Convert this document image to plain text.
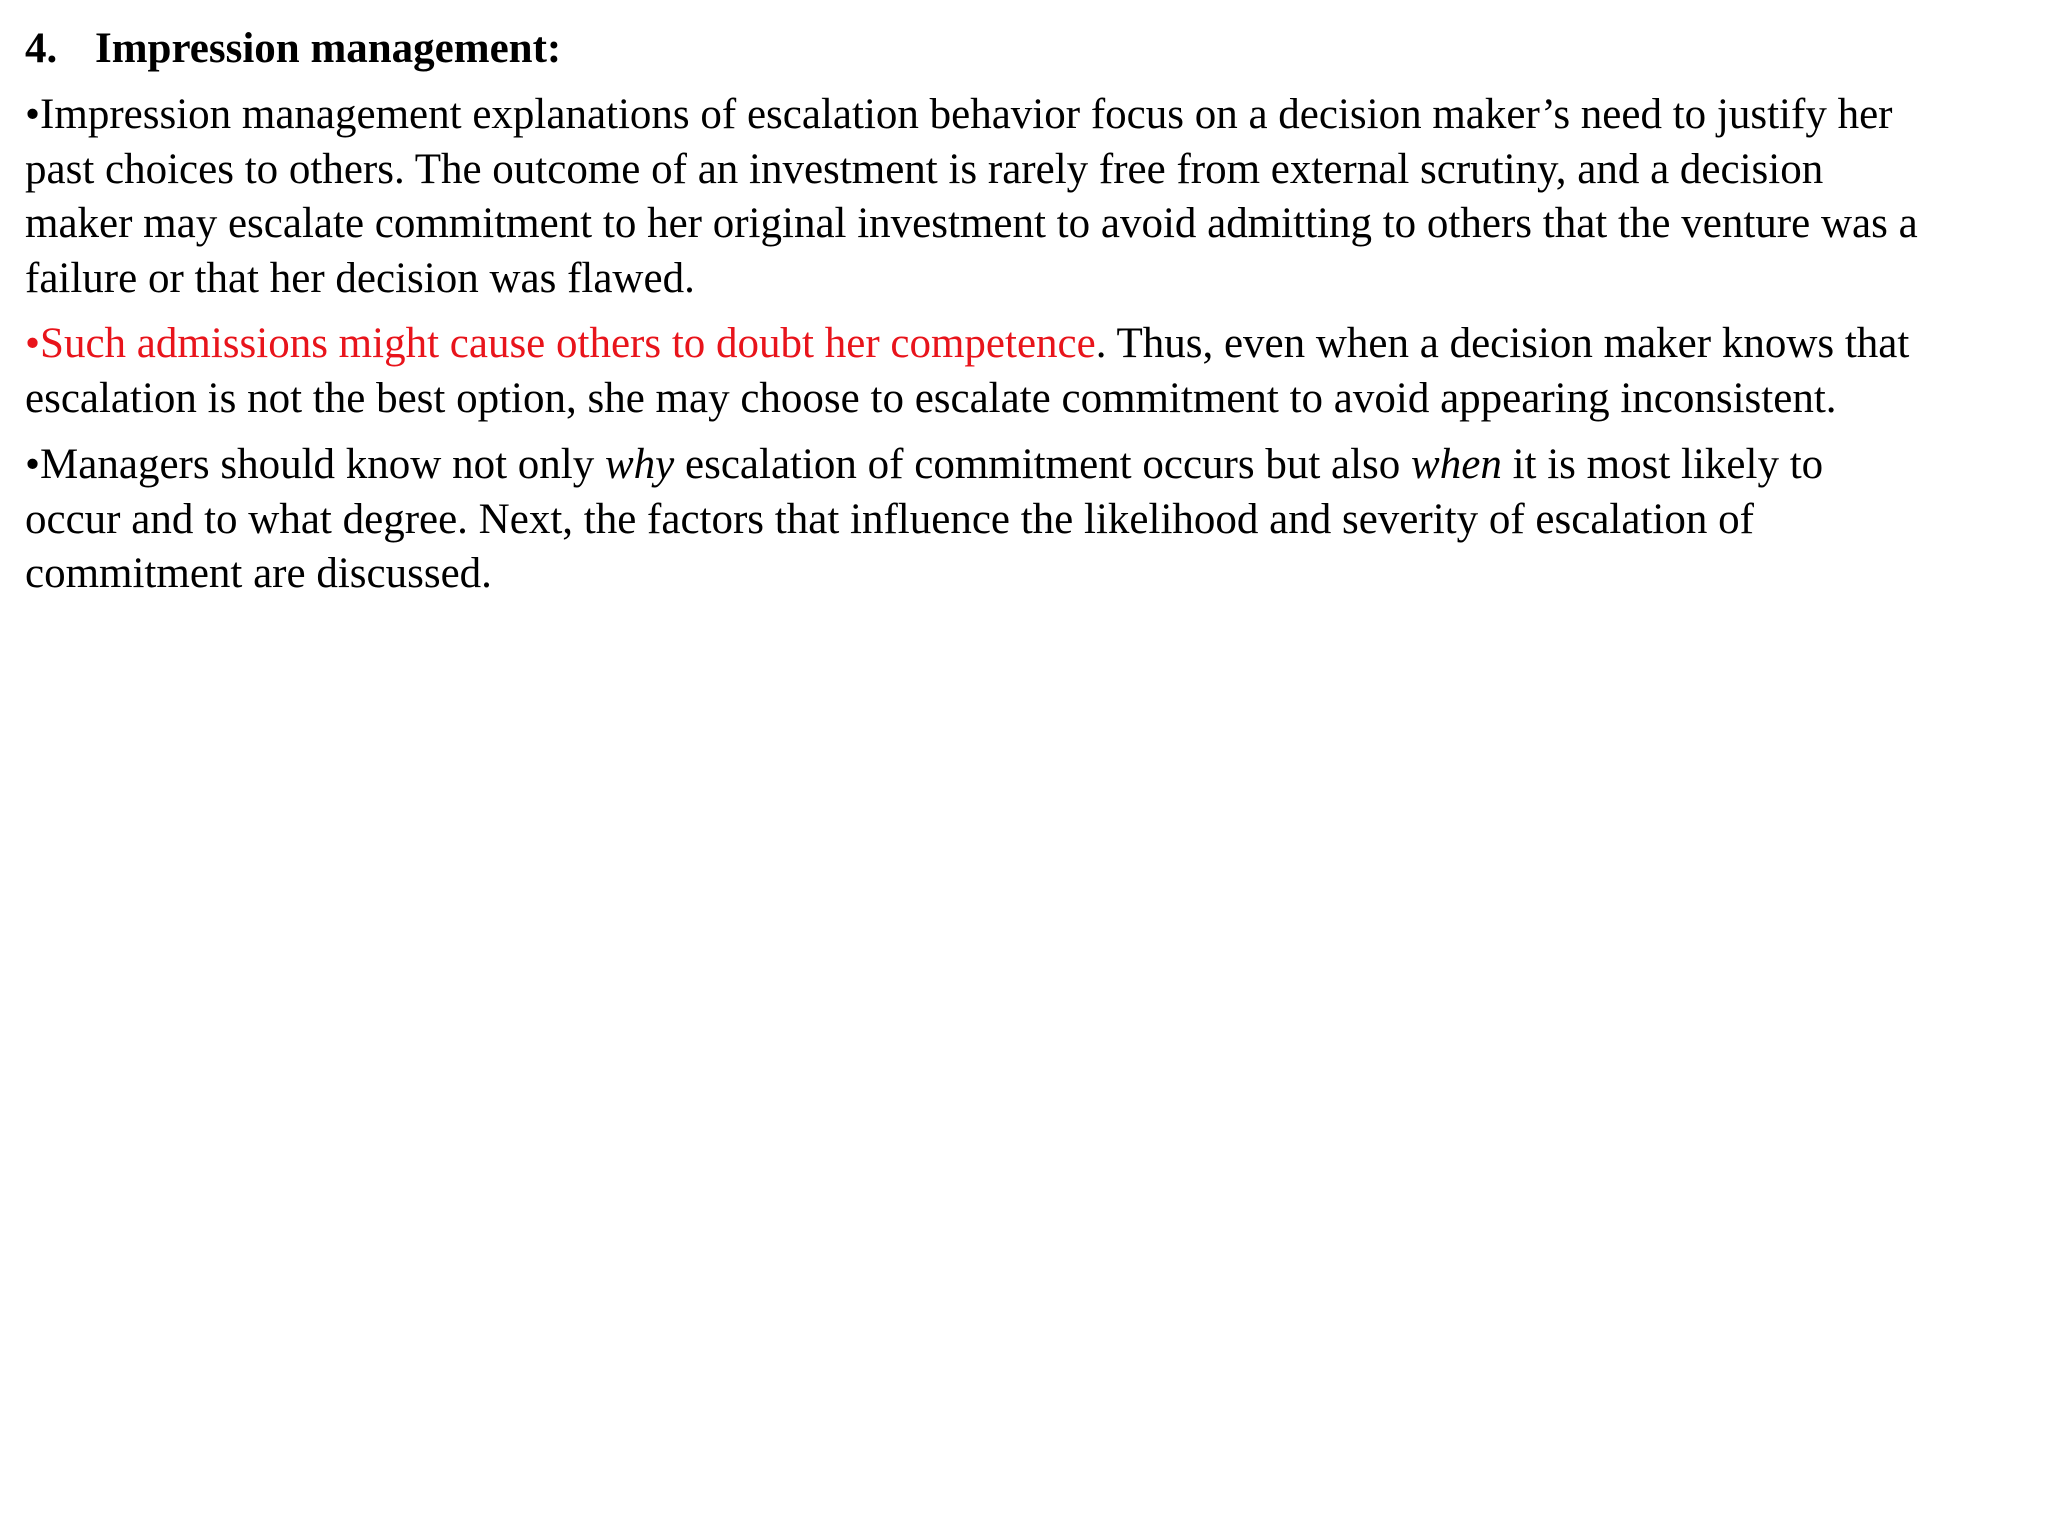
4. Impression management:

•Impression management explanations of escalation behavior focus on a decision maker’s need to justify her
past choices to others. The outcome of an investment is rarely free from external scrutiny, and a decision
maker may escalate commitment to her original investment to avoid admitting to others that the venture was a
failure or that her decision was flawed.

•Such admissions might cause others to doubt her competence. Thus, even when a decision maker knows that
escalation is not the best option, she may choose to escalate commitment to avoid appearing inconsistent.

•Managers should know not only why escalation of commitment occurs but also when it is most likely to
occur and to what degree. Next, the factors that influence the likelihood and severity of escalation of
commitment are discussed.
